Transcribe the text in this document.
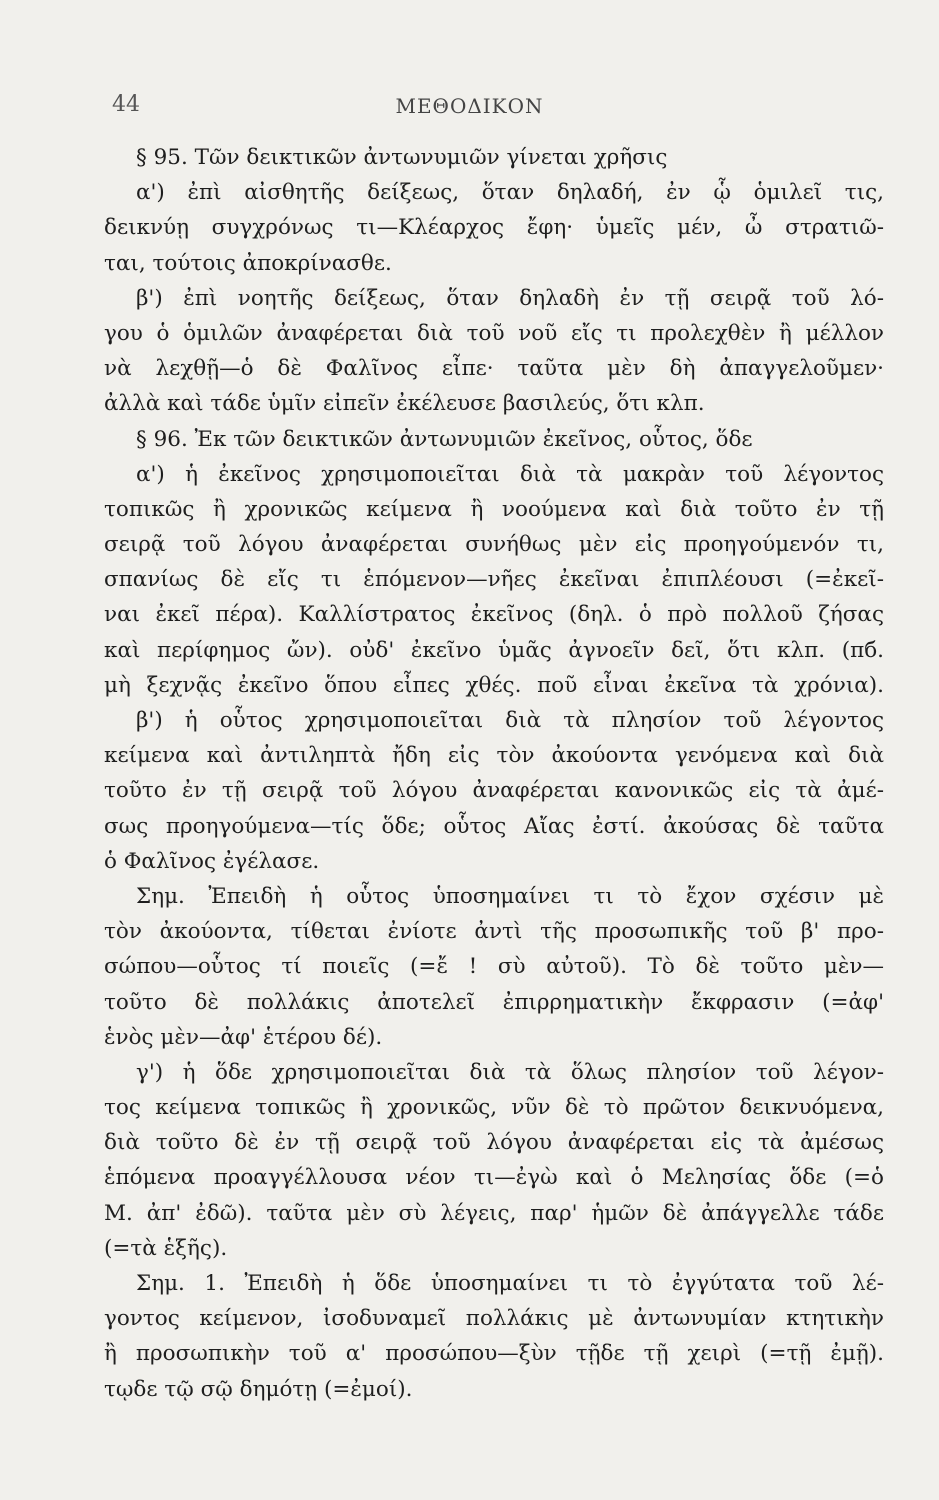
44	ΜΕΘΟΔΙΚΟΝ
§ 95. Τῶν δεικτικῶν ἀντωνυμιῶν γίνεται χρῆσις
α') ἐπὶ αἰσθητῆς δείξεως, ὅταν δηλαδή, ἐν ᾧ ὁμιλεῖ τις,
δεικνύῃ συγχρόνως τι—Κλέαρχος ἔφη· ὑμεῖς μέν, ὦ στρατιῶ-
ται, τούτοις ἀποκρίνασθε.
β') ἐπὶ νοητῆς δείξεως, ὅταν δηλαδὴ ἐν τῇ σειρᾷ τοῦ λό-
γου ὁ ὁμιλῶν ἀναφέρεται διὰ τοῦ νοῦ εἴς τι προλεχθὲν ἢ μέλλον
νὰ λεχθῇ—ὁ δὲ Φαλῖνος εἶπε· ταῦτα μὲν δὴ ἀπαγγελοῦμεν·
ἀλλὰ καὶ τάδε ὑμῖν εἰπεῖν ἐκέλευσε βασιλεύς, ὅτι κλπ.
§ 96. Ἐκ τῶν δεικτικῶν ἀντωνυμιῶν ἐκεῖνος, οὗτος, ὅδε
α') ἡ ἐκεῖνος χρησιμοποιεῖται διὰ τὰ μακρὰν τοῦ λέγοντος
τοπικῶς ἢ χρονικῶς κείμενα ἢ νοούμενα καὶ διὰ τοῦτο ἐν τῇ
σειρᾷ τοῦ λόγου ἀναφέρεται συνήθως μὲν εἰς προηγούμενόν τι,
σπανίως δὲ εἴς τι ἑπόμενον—νῆες ἐκεῖναι ἐπιπλέουσι (=ἐκεῖ-
ναι ἐκεῖ πέρα). Καλλίστρατος ἐκεῖνος (δηλ. ὁ πρὸ πολλοῦ ζήσας
καὶ περίφημος ὤν). οὐδ' ἐκεῖνο ὑμᾶς ἀγνοεῖν δεῖ, ὅτι κλπ. (πб.
μὴ ξεχνᾷς ἐκεῖνο ὅπου εἶπες χθές. ποῦ εἶναι ἐκεῖνα τὰ χρόνια).
β') ἡ οὗτος χρησιμοποιεῖται διὰ τὰ πλησίον τοῦ λέγοντος
κείμενα καὶ ἀντιληπτὰ ἤδη εἰς τὸν ἀκούοντα γενόμενα καὶ διὰ
τοῦτο ἐν τῇ σειρᾷ τοῦ λόγου ἀναφέρεται κανονικῶς εἰς τὰ ἀμέ-
σως προηγούμενα—τίς ὅδε; οὗτος Αἴας ἐστί. ἀκούσας δὲ ταῦτα
ὁ Φαλῖνος ἐγέλασε.
Σημ. Ἐπειδὴ ἡ οὗτος ὑποσημαίνει τι τὸ ἔχον σχέσιν μὲ
τὸν ἀκούοντα, τίθεται ἐνίοτε ἀντὶ τῆς προσωπικῆς τοῦ β' προ-
σώπου—οὗτος τί ποιεῖς (=ἔ ! σὺ αὐτοῦ). Τὸ δὲ τοῦτο μὲν—
τοῦτο δὲ πολλάκις ἀποτελεῖ ἐπιρρηματικὴν ἔκφρασιν (=ἀφ'
ἑνὸς μὲν—ἀφ' ἑτέρου δέ).
γ') ἡ ὅδε χρησιμοποιεῖται διὰ τὰ ὅλως πλησίον τοῦ λέγον-
τος κείμενα τοπικῶς ἢ χρονικῶς, νῦν δὲ τὸ πρῶτον δεικνυόμενα,
διὰ τοῦτο δὲ ἐν τῇ σειρᾷ τοῦ λόγου ἀναφέρεται εἰς τὰ ἀμέσως
ἑπόμενα προαγγέλλουσα νέον τι—ἐγὼ καὶ ὁ Μελησίας ὅδε (=ὁ
Μ. ἀπ' ἐδῶ). ταῦτα μὲν σὺ λέγεις, παρ' ἡμῶν δὲ ἀπάγγελλε τάδε
(=τὰ ἑξῆς).
Σημ. 1. Ἐπειδὴ ἡ ὅδε ὑποσημαίνει τι τὸ ἐγγύτατα τοῦ λέ-
γοντος κείμενον, ἰσοδυναμεῖ πολλάκις μὲ ἀντωνυμίαν κτητικὴν
ἢ προσωπικὴν τοῦ α' προσώπου—ξὺν τῇδε τῇ χειρὶ (=τῇ ἐμῇ).
τῳδε τῷ σῷ δημότῃ (=ἐμοί).
